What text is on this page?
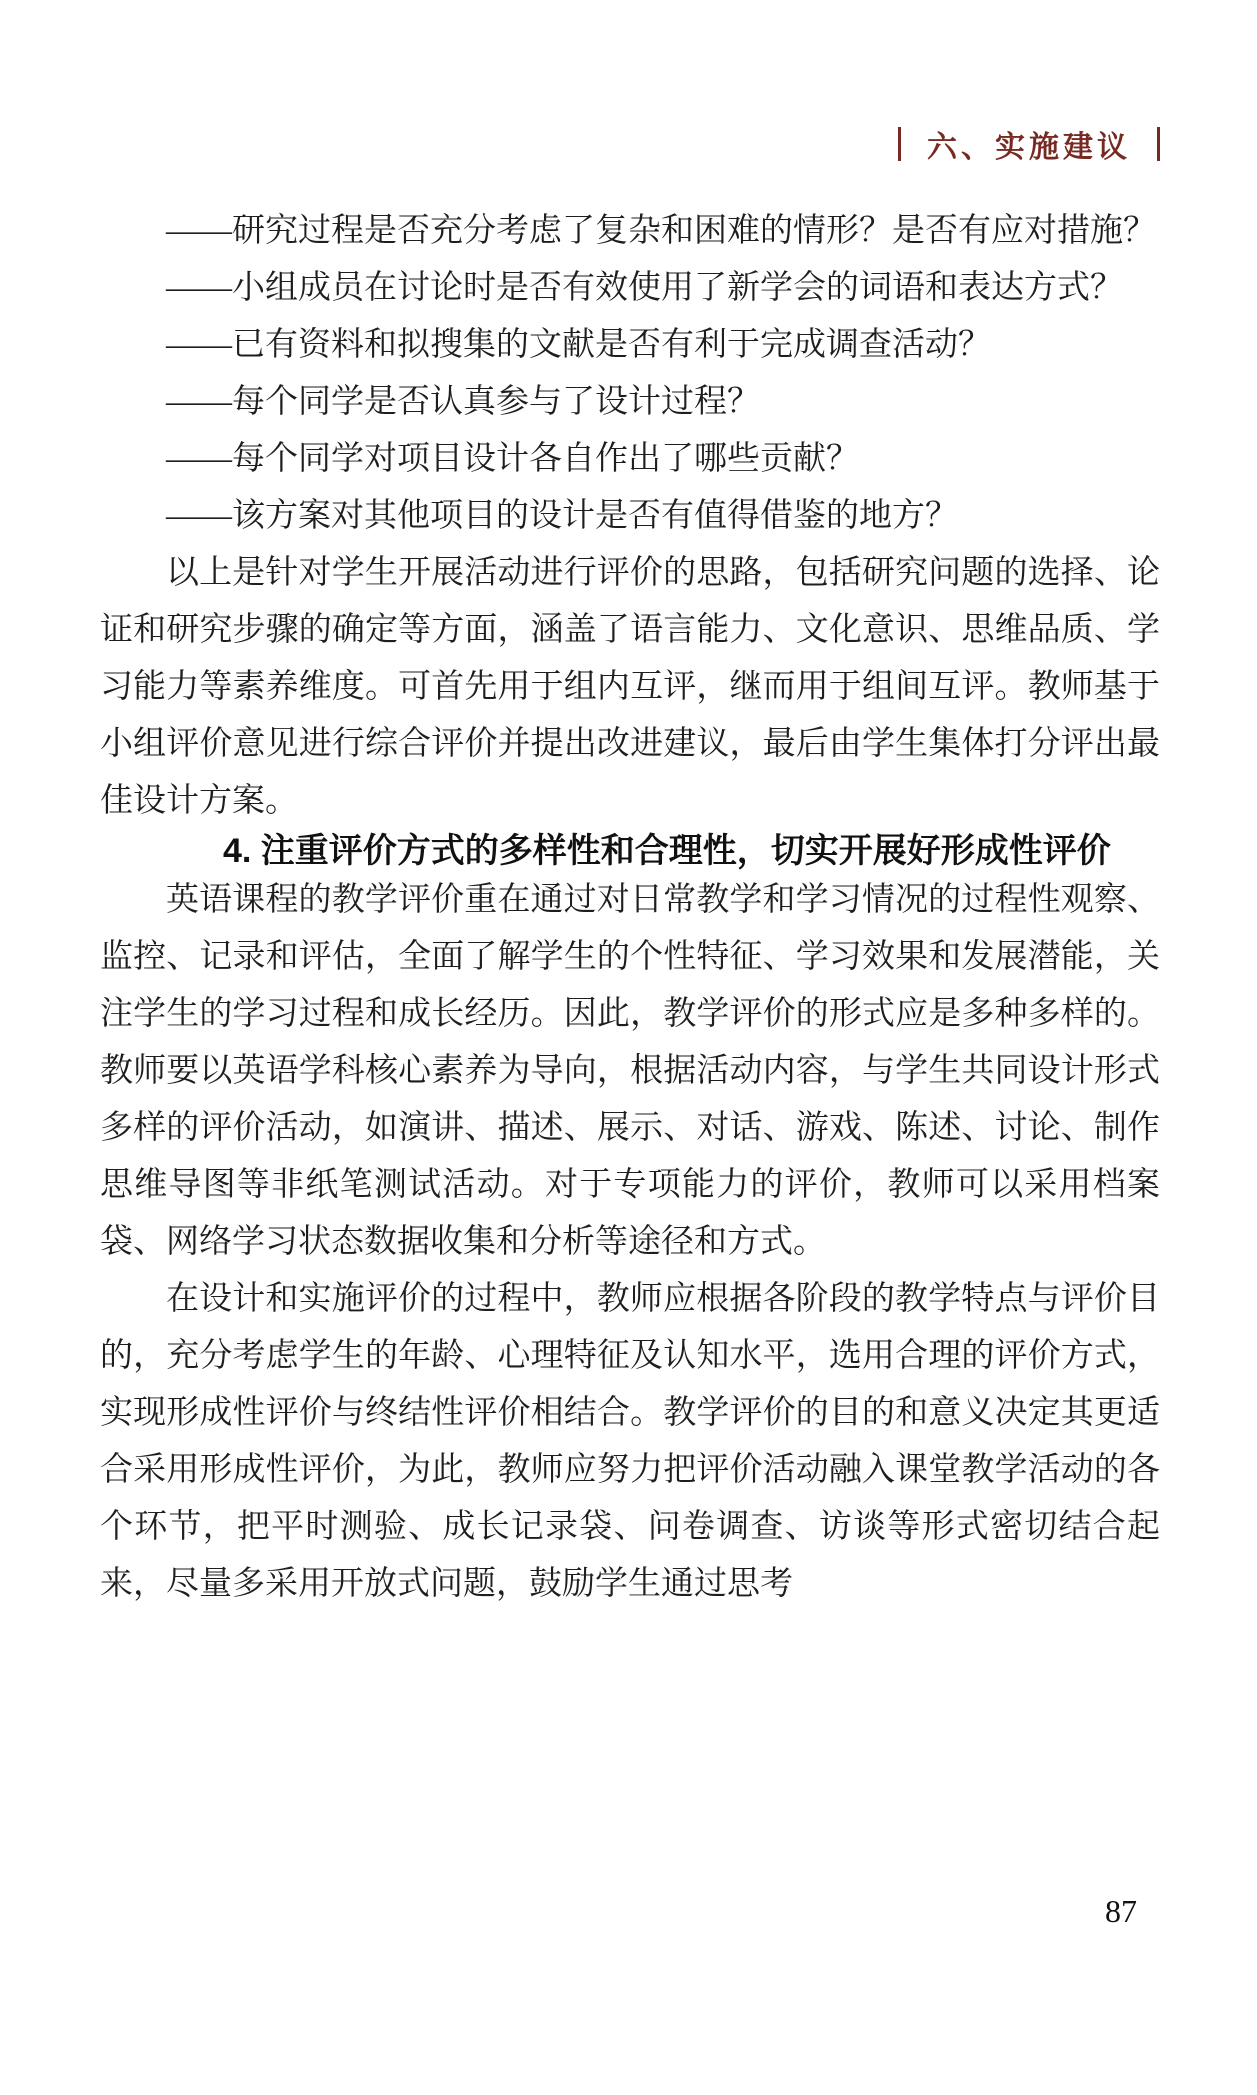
六、实施建议

——研究过程是否充分考虑了复杂和困难的情形？是否有应对措施？

——小组成员在讨论时是否有效使用了新学会的词语和表达方式？

——已有资料和拟搜集的文献是否有利于完成调查活动？

——每个同学是否认真参与了设计过程？

——每个同学对项目设计各自作出了哪些贡献？

——该方案对其他项目的设计是否有值得借鉴的地方？

以上是针对学生开展活动进行评价的思路，包括研究问题的选择、论证和研究步骤的确定等方面，涵盖了语言能力、文化意识、思维品质、学习能力等素养维度。可首先用于组内互评，继而用于组间互评。教师基于小组评价意见进行综合评价并提出改进建议，最后由学生集体打分评出最佳设计方案。

4. 注重评价方式的多样性和合理性，切实开展好形成性评价

英语课程的教学评价重在通过对日常教学和学习情况的过程性观察、监控、记录和评估，全面了解学生的个性特征、学习效果和发展潜能，关注学生的学习过程和成长经历。因此，教学评价的形式应是多种多样的。教师要以英语学科核心素养为导向，根据活动内容，与学生共同设计形式多样的评价活动，如演讲、描述、展示、对话、游戏、陈述、讨论、制作思维导图等非纸笔测试活动。对于专项能力的评价，教师可以采用档案袋、网络学习状态数据收集和分析等途径和方式。

在设计和实施评价的过程中，教师应根据各阶段的教学特点与评价目的，充分考虑学生的年龄、心理特征及认知水平，选用合理的评价方式，实现形成性评价与终结性评价相结合。教学评价的目的和意义决定其更适合采用形成性评价，为此，教师应努力把评价活动融入课堂教学活动的各个环节，把平时测验、成长记录袋、问卷调查、访谈等形式密切结合起来，尽量多采用开放式问题，鼓励学生通过思考

87
